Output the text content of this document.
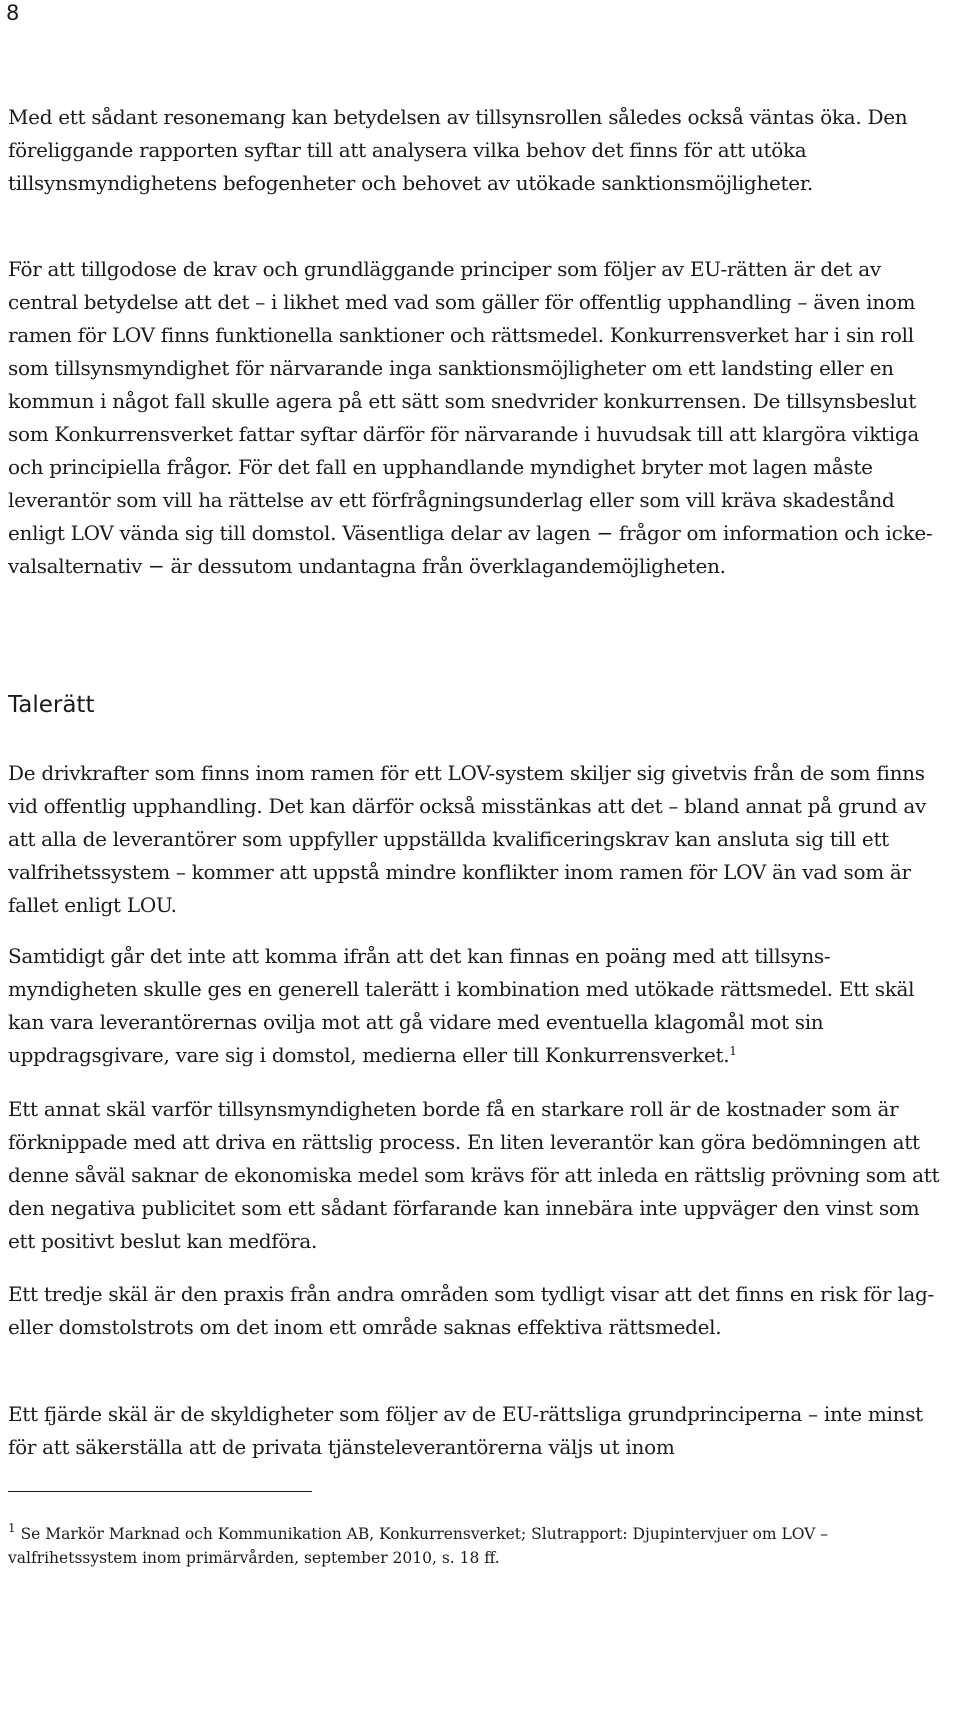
8

Med ett sådant resonemang kan betydelsen av tillsynsrollen således också väntas öka. Den föreliggande rapporten syftar till att analysera vilka behov det finns för att utöka tillsynsmyndighetens befogenheter och behovet av utökade sanktionsmöjligheter.

För att tillgodose de krav och grundläggande principer som följer av EU-rätten är det av central betydelse att det – i likhet med vad som gäller för offentlig upphandling – även inom ramen för LOV finns funktionella sanktioner och rättsmedel. Konkurrensverket har i sin roll som tillsynsmyndighet för närvarande inga sanktionsmöjligheter om ett landsting eller en kommun i något fall skulle agera på ett sätt som snedvrider konkurrensen. De tillsynsbeslut som Konkurrensverket fattar syftar därför för närvarande i huvudsak till att klargöra viktiga och principiella frågor. För det fall en upphandlande myndighet bryter mot lagen måste leverantör som vill ha rättelse av ett förfrågningsunderlag eller som vill kräva skadestånd enligt LOV vända sig till domstol. Väsentliga delar av lagen − frågor om information och icke-valsalternativ − är dessutom undantagna från överklagandemöjligheten.

Talerätt

De drivkrafter som finns inom ramen för ett LOV-system skiljer sig givetvis från de som finns vid offentlig upphandling. Det kan därför också misstänkas att det – bland annat på grund av att alla de leverantörer som uppfyller uppställda kvalificeringskrav kan ansluta sig till ett valfrihetssystem – kommer att uppstå mindre konflikter inom ramen för LOV än vad som är fallet enligt LOU.

Samtidigt går det inte att komma ifrån att det kan finnas en poäng med att tillsynsmyndigheten skulle ges en generell talerätt i kombination med utökade rättsmedel. Ett skäl kan vara leverantörernas ovilja mot att gå vidare med eventuella klagomål mot sin uppdragsgivare, vare sig i domstol, medierna eller till Konkurrensverket.$^1$

Ett annat skäl varför tillsynsmyndigheten borde få en starkare roll är de kostnader som är förknippade med att driva en rättslig process. En liten leverantör kan göra bedömningen att denne såväl saknar de ekonomiska medel som krävs för att inleda en rättslig prövning som att den negativa publicitet som ett sådant förfarande kan innebära inte uppväger den vinst som ett positivt beslut kan medföra.

Ett tredje skäl är den praxis från andra områden som tydligt visar att det finns en risk för lag- eller domstolstrots om det inom ett område saknas effektiva rättsmedel.

Ett fjärde skäl är de skyldigheter som följer av de EU-rättsliga grundprinciperna – inte minst för att säkerställa att de privata tjänsteleverantörerna väljs ut inom

$^1$ Se Markör Marknad och Kommunikation AB, Konkurrensverket; Slutrapport: Djupintervjuer om LOV – valfrihetssystem inom primärvården, september 2010, s. 18 ff.
